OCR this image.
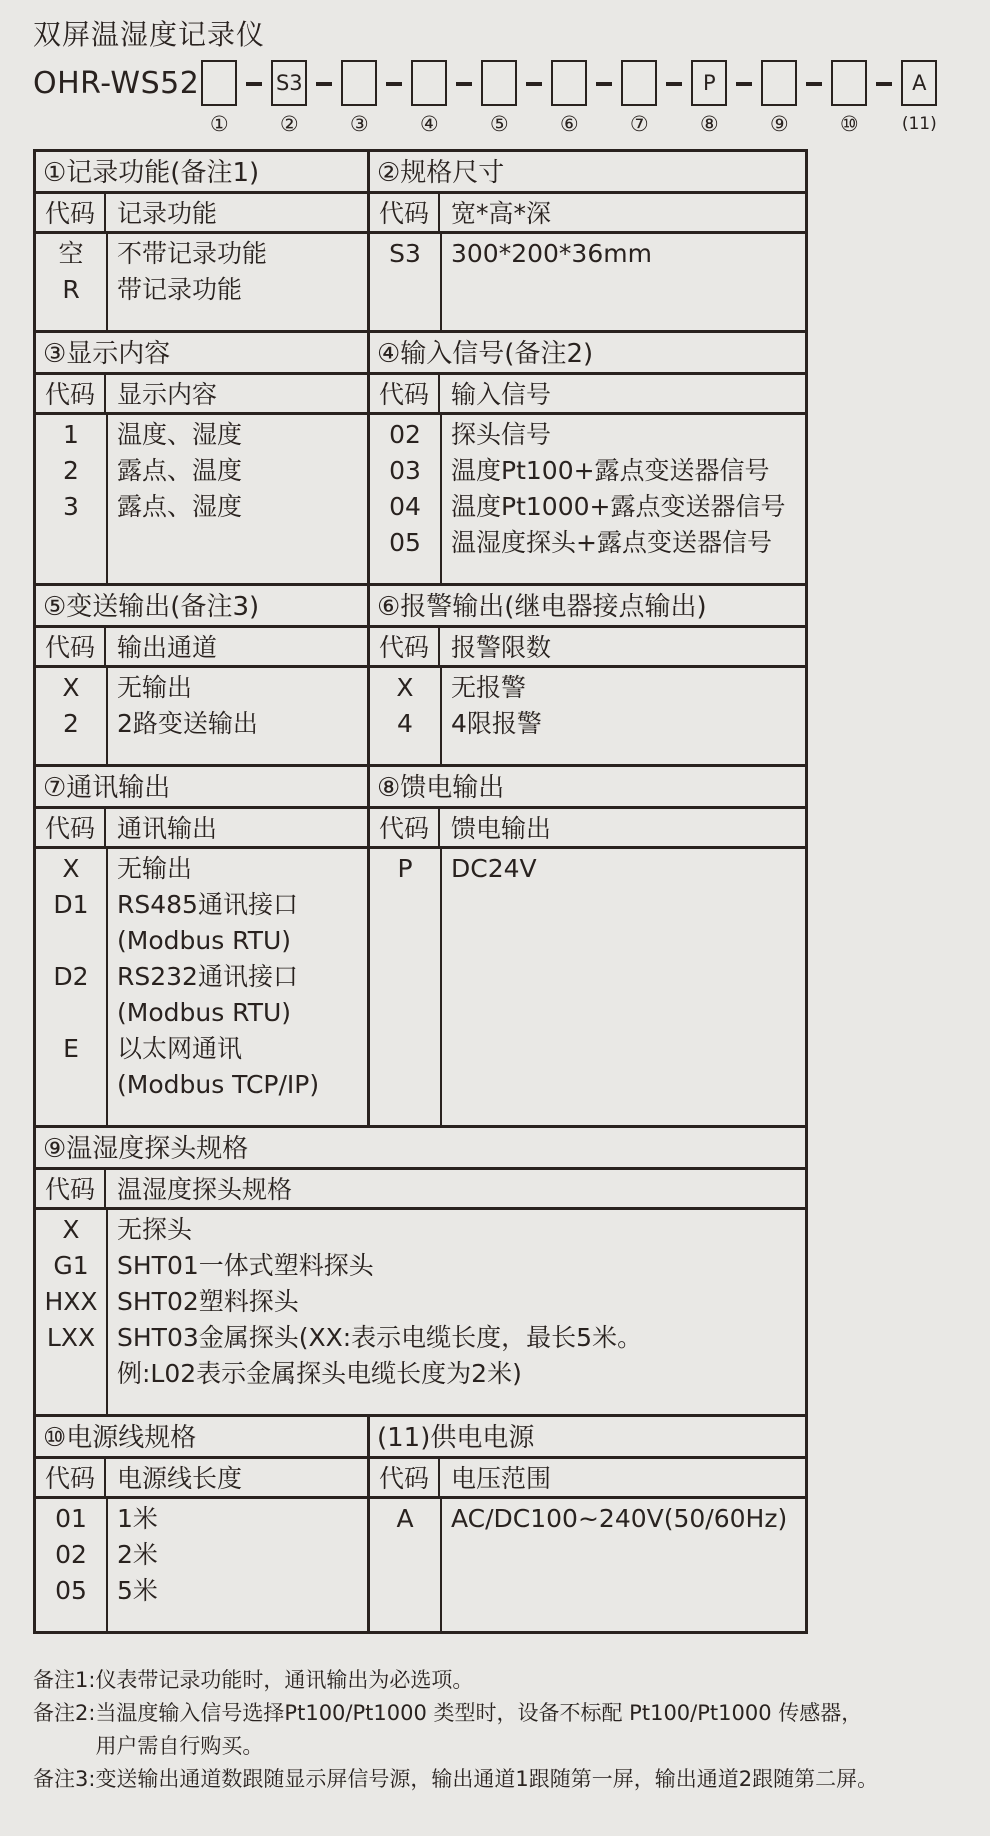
双屏温湿度记录仪
OHR-WS52
①
S3
② ③ ④ ⑤ ⑥ ⑦
P
⑧ ⑨ ⑩
A
(11)
①记录功能(备注1)
代码 记录功能
空	不带记录功能
R	带记录功能
②规格尺寸
代码 宽*高*深
S3	300*200*36mm
③显示内容
代码 显示内容
1	温度、湿度
2	露点、温度
3	露点、湿度
④输入信号(备注2)
代码 输入信号
02	探头信号
03	温度Pt100+露点变送器信号
04	温度Pt1000+露点变送器信号
05	温湿度探头+露点变送器信号
⑤变送输出(备注3)
代码 输出通道
X	无输出
2	2路变送输出
⑥报警输出(继电器接点输出)
代码 报警限数
X	无报警
4	4限报警
⑦通讯输出
代码 通讯输出
X	无输出
D1	RS485通讯接口
(Modbus RTU)
D2	RS232通讯接口
(Modbus RTU)
E	以太网通讯
(Modbus TCP/IP)
⑧馈电输出
代码 馈电输出
P	DC24V
⑨温湿度探头规格
代码 温湿度探头规格
X	无探头
G1	SHT01一体式塑料探头
HXX SHT02塑料探头
LXX SHT03金属探头(XX:表示电缆长度，最长5米。
例:L02表示金属探头电缆长度为2米)
⑩电源线规格
代码 电源线长度
01	1米
02	2米
05	5米
(11)供电电源
代码 电压范围
A	AC/DC100~240V(50/60Hz)
备注1: 仪表带记录功能时，通讯输出为必选项。
备注2: 当温度输入信号选择Pt100/Pt1000 类型时，设备不标配 Pt100/Pt1000 传感器，
用户需自行购买。
备注3: 变送输出通道数跟随显示屏信号源，输出通道1跟随第一屏，输出通道2跟随第二屏。
